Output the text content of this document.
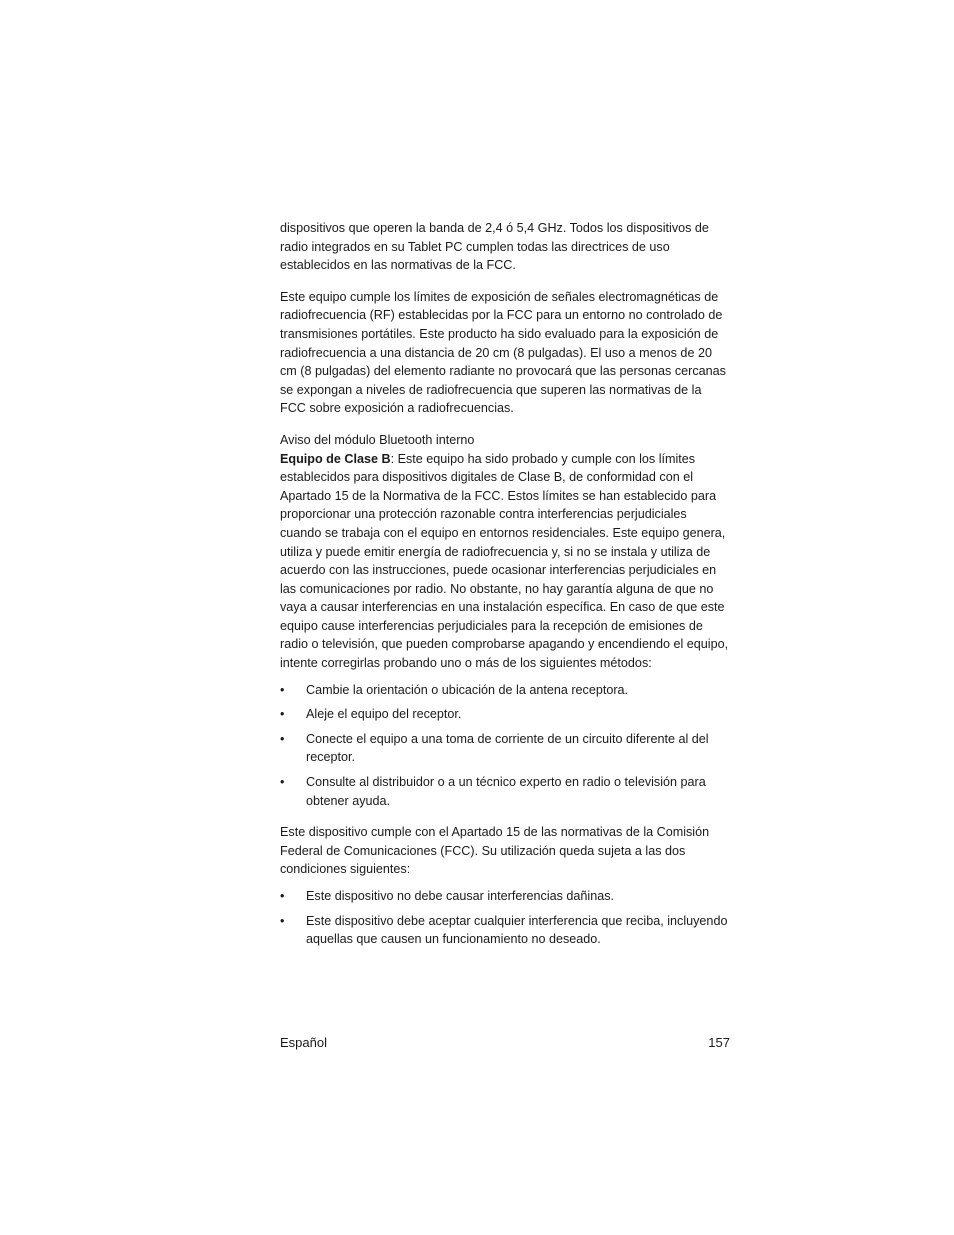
dispositivos que operen la banda de 2,4 ó 5,4 GHz. Todos los dispositivos de radio integrados en su Tablet PC cumplen todas las directrices de uso establecidos en las normativas de la FCC.

Este equipo cumple los límites de exposición de señales electromagnéticas de radiofrecuencia (RF) establecidas por la FCC para un entorno no controlado de transmisiones portátiles. Este producto ha sido evaluado para la exposición de radiofrecuencia a una distancia de 20 cm (8 pulgadas). El uso a menos de 20 cm (8 pulgadas) del elemento radiante no provocará que las personas cercanas se expongan a niveles de radiofrecuencia que superen las normativas de la FCC sobre exposición a radiofrecuencias.

Aviso del módulo Bluetooth interno

Equipo de Clase B: Este equipo ha sido probado y cumple con los límites establecidos para dispositivos digitales de Clase B, de conformidad con el Apartado 15 de la Normativa de la FCC. Estos límites se han establecido para proporcionar una protección razonable contra interferencias perjudiciales cuando se trabaja con el equipo en entornos residenciales. Este equipo genera, utiliza y puede emitir energía de radiofrecuencia y, si no se instala y utiliza de acuerdo con las instrucciones, puede ocasionar interferencias perjudiciales en las comunicaciones por radio. No obstante, no hay garantía alguna de que no vaya a causar interferencias en una instalación específica. En caso de que este equipo cause interferencias perjudiciales para la recepción de emisiones de radio o televisión, que pueden comprobarse apagando y encendiendo el equipo, intente corregirlas probando uno o más de los siguientes métodos:

•	Cambie la orientación o ubicación de la antena receptora.
•	Aleje el equipo del receptor.
•	Conecte el equipo a una toma de corriente de un circuito diferente al del receptor.
•	Consulte al distribuidor o a un técnico experto en radio o televisión para obtener ayuda.

Este dispositivo cumple con el Apartado 15 de las normativas de la Comisión Federal de Comunicaciones (FCC). Su utilización queda sujeta a las dos condiciones siguientes:

•	Este dispositivo no debe causar interferencias dañinas.
•	Este dispositivo debe aceptar cualquier interferencia que reciba, incluyendo aquellas que causen un funcionamiento no deseado.
Español	157
